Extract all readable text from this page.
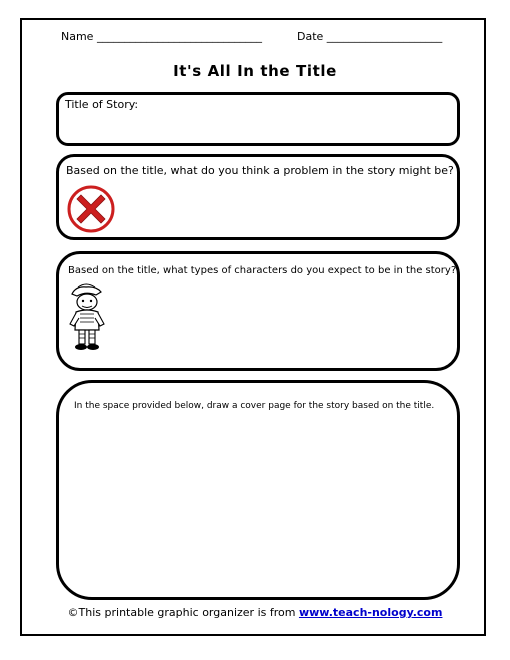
Name ______________________________	Date _____________________
It's All In the Title
Title of Story:
Based on the title, what do you think a problem in the story might be?
Based on the title, what types of characters do you expect to be in the story?
In the space provided below, draw a cover page for the story based on the title.
©This printable graphic organizer is from www.teach-nology.com
